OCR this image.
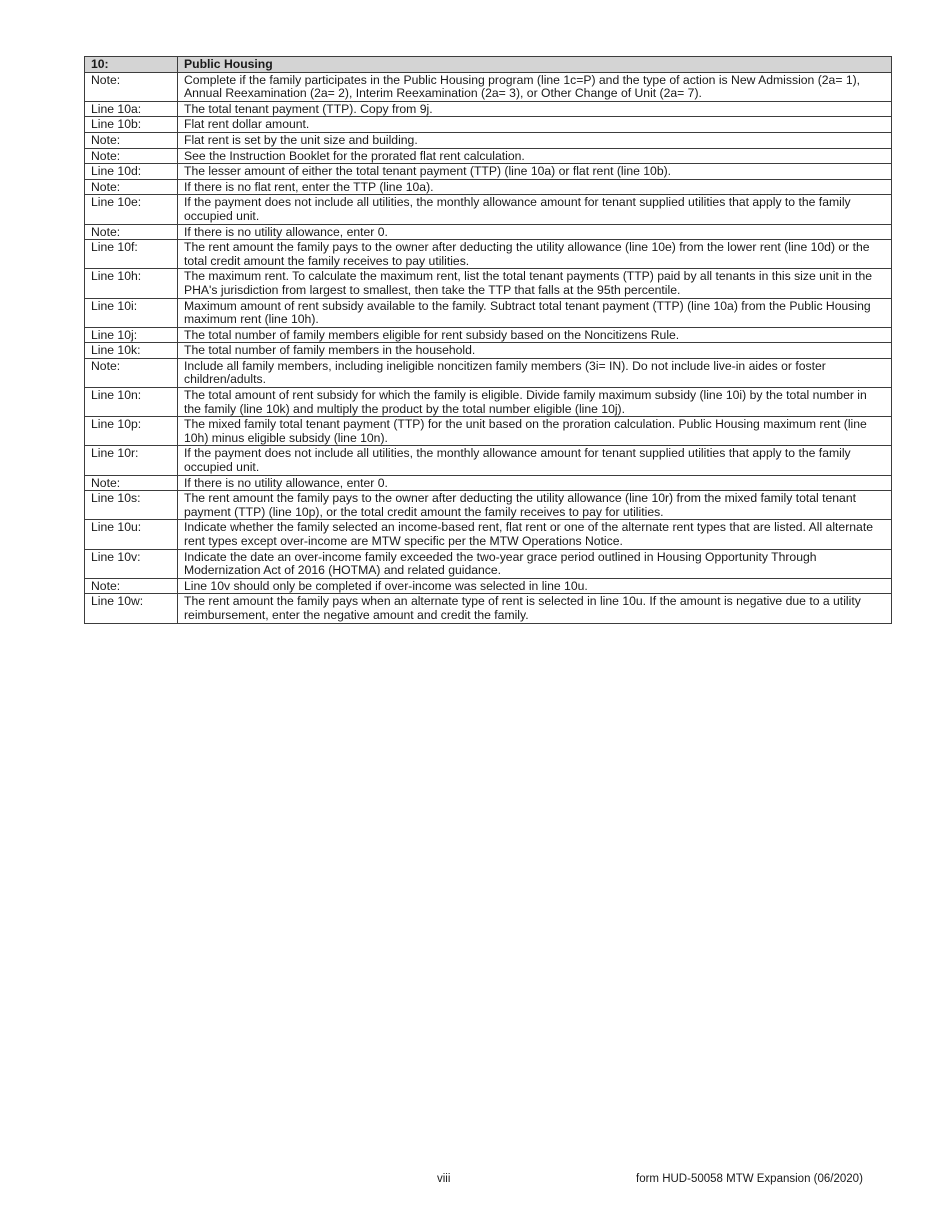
10:	Public Housing
Note:	Complete if the family participates in the Public Housing program (line 1c=P) and the type of action is New Admission (2a= 1), Annual Reexamination (2a= 2), Interim Reexamination (2a= 3), or Other Change of Unit (2a= 7).
Line 10a:	The total tenant payment (TTP). Copy from 9j.
Line 10b:	Flat rent dollar amount.
Note:	Flat rent is set by the unit size and building.
Note:	See the Instruction Booklet for the prorated flat rent calculation.
Line 10d:	The lesser amount of either the total tenant payment (TTP) (line 10a) or flat rent (line 10b).
Note:	If there is no flat rent, enter the TTP (line 10a).
Line 10e:	If the payment does not include all utilities, the monthly allowance amount for tenant supplied utilities that apply to the family occupied unit.
Note:	If there is no utility allowance, enter 0.
Line 10f:	The rent amount the family pays to the owner after deducting the utility allowance (line 10e) from the lower rent (line 10d) or the total credit amount the family receives to pay utilities.
Line 10h:	The maximum rent. To calculate the maximum rent, list the total tenant payments (TTP) paid by all tenants in this size unit in the PHA's jurisdiction from largest to smallest, then take the TTP that falls at the 95th percentile.
Line 10i:	Maximum amount of rent subsidy available to the family. Subtract total tenant payment (TTP) (line 10a) from the Public Housing maximum rent (line 10h).
Line 10j:	The total number of family members eligible for rent subsidy based on the Noncitizens Rule.
Line 10k:	The total number of family members in the household.
Note:	Include all family members, including ineligible noncitizen family members (3i= IN). Do not include live-in aides or foster children/adults.
Line 10n:	The total amount of rent subsidy for which the family is eligible. Divide family maximum subsidy (line 10i) by the total number in the family (line 10k) and multiply the product by the total number eligible (line 10j).
Line 10p:	The mixed family total tenant payment (TTP) for the unit based on the proration calculation. Public Housing maximum rent (line 10h) minus eligible subsidy (line 10n).
Line 10r:	If the payment does not include all utilities, the monthly allowance amount for tenant supplied utilities that apply to the family occupied unit.
Note:	If there is no utility allowance, enter 0.
Line 10s:	The rent amount the family pays to the owner after deducting the utility allowance (line 10r) from the mixed family total tenant payment (TTP) (line 10p), or the total credit amount the family receives to pay for utilities.
Line 10u:	Indicate whether the family selected an income-based rent, flat rent or one of the alternate rent types that are listed. All alternate rent types except over-income are MTW specific per the MTW Operations Notice.
Line 10v:	Indicate the date an over-income family exceeded the two-year grace period outlined in Housing Opportunity Through Modernization Act of 2016 (HOTMA) and related guidance.
Note:	Line 10v should only be completed if over-income was selected in line 10u.
Line 10w:	The rent amount the family pays when an alternate type of rent is selected in line 10u. If the amount is negative due to a utility reimbursement, enter the negative amount and credit the family.
viii	form HUD-50058 MTW Expansion (06/2020)
